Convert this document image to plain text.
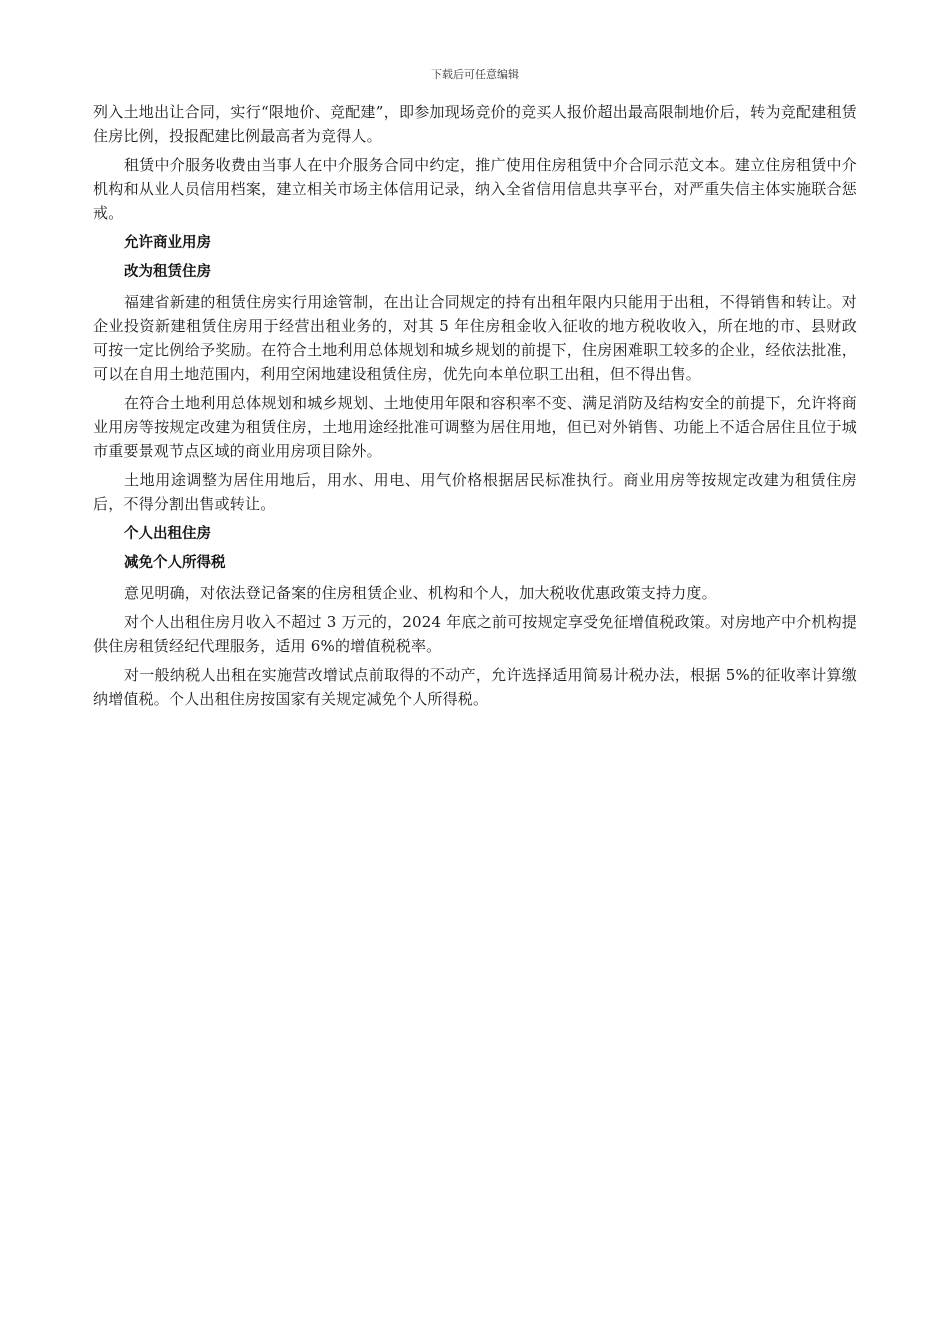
下载后可任意编辑

列入土地出让合同，实行“限地价、竞配建”，即参加现场竞价的竞买人报价超出最高限制地价后，转为竞配建租赁住房比例，投报配建比例最高者为竞得人。

租赁中介服务收费由当事人在中介服务合同中约定，推广使用住房租赁中介合同示范文本。建立住房租赁中介机构和从业人员信用档案，建立相关市场主体信用记录，纳入全省信用信息共享平台，对严重失信主体实施联合惩戒。

允许商业用房
改为租赁住房

福建省新建的租赁住房实行用途管制，在出让合同规定的持有出租年限内只能用于出租，不得销售和转让。对企业投资新建租赁住房用于经营出租业务的，对其 5 年住房租金收入征收的地方税收收入，所在地的市、县财政可按一定比例给予奖励。在符合土地利用总体规划和城乡规划的前提下，住房困难职工较多的企业，经依法批准，可以在自用土地范围内，利用空闲地建设租赁住房，优先向本单位职工出租，但不得出售。

在符合土地利用总体规划和城乡规划、土地使用年限和容积率不变、满足消防及结构安全的前提下，允许将商业用房等按规定改建为租赁住房，土地用途经批准可调整为居住用地，但已对外销售、功能上不适合居住且位于城市重要景观节点区域的商业用房项目除外。

土地用途调整为居住用地后，用水、用电、用气价格根据居民标准执行。商业用房等按规定改建为租赁住房后，不得分割出售或转让。

个人出租住房
减免个人所得税

意见明确，对依法登记备案的住房租赁企业、机构和个人，加大税收优惠政策支持力度。

对个人出租住房月收入不超过 3 万元的，2024 年底之前可按规定享受免征增值税政策。对房地产中介机构提供住房租赁经纪代理服务，适用 6%的增值税税率。

对一般纳税人出租在实施营改增试点前取得的不动产，允许选择适用简易计税办法，根据 5%的征收率计算缴纳增值税。个人出租住房按国家有关规定减免个人所得税。
